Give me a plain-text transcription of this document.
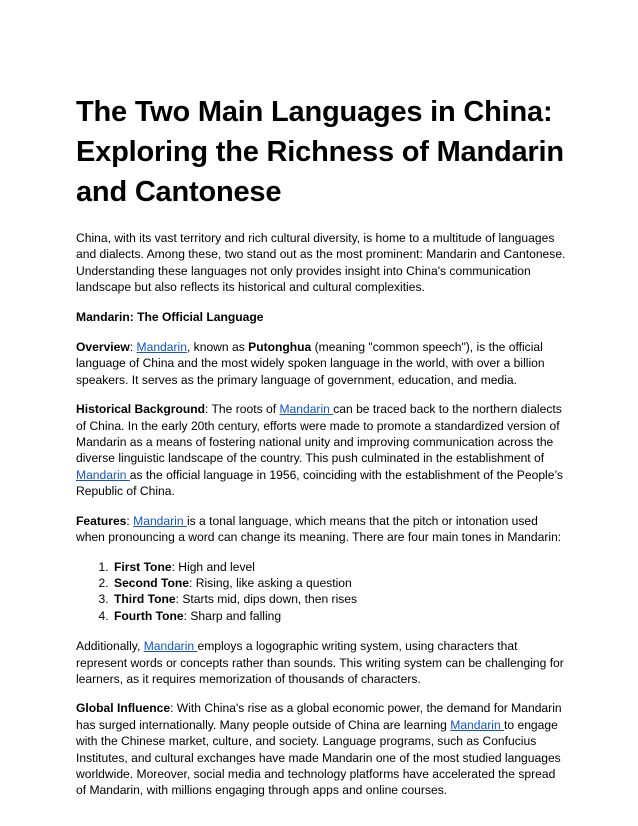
The Two Main Languages in China: Exploring the Richness of Mandarin and Cantonese

China, with its vast territory and rich cultural diversity, is home to a multitude of languages and dialects. Among these, two stand out as the most prominent: Mandarin and Cantonese. Understanding these languages not only provides insight into China's communication landscape but also reflects its historical and cultural complexities.

Mandarin: The Official Language

Overview: Mandarin, known as Putonghua (meaning "common speech"), is the official language of China and the most widely spoken language in the world, with over a billion speakers. It serves as the primary language of government, education, and media.

Historical Background: The roots of Mandarin can be traced back to the northern dialects of China. In the early 20th century, efforts were made to promote a standardized version of Mandarin as a means of fostering national unity and improving communication across the diverse linguistic landscape of the country. This push culminated in the establishment of Mandarin as the official language in 1956, coinciding with the establishment of the People’s Republic of China.

Features: Mandarin is a tonal language, which means that the pitch or intonation used when pronouncing a word can change its meaning. There are four main tones in Mandarin:

1. First Tone: High and level
2. Second Tone: Rising, like asking a question
3. Third Tone: Starts mid, dips down, then rises
4. Fourth Tone: Sharp and falling

Additionally, Mandarin employs a logographic writing system, using characters that represent words or concepts rather than sounds. This writing system can be challenging for learners, as it requires memorization of thousands of characters.

Global Influence: With China's rise as a global economic power, the demand for Mandarin has surged internationally. Many people outside of China are learning Mandarin to engage with the Chinese market, culture, and society. Language programs, such as Confucius Institutes, and cultural exchanges have made Mandarin one of the most studied languages worldwide. Moreover, social media and technology platforms have accelerated the spread of Mandarin, with millions engaging through apps and online courses.
